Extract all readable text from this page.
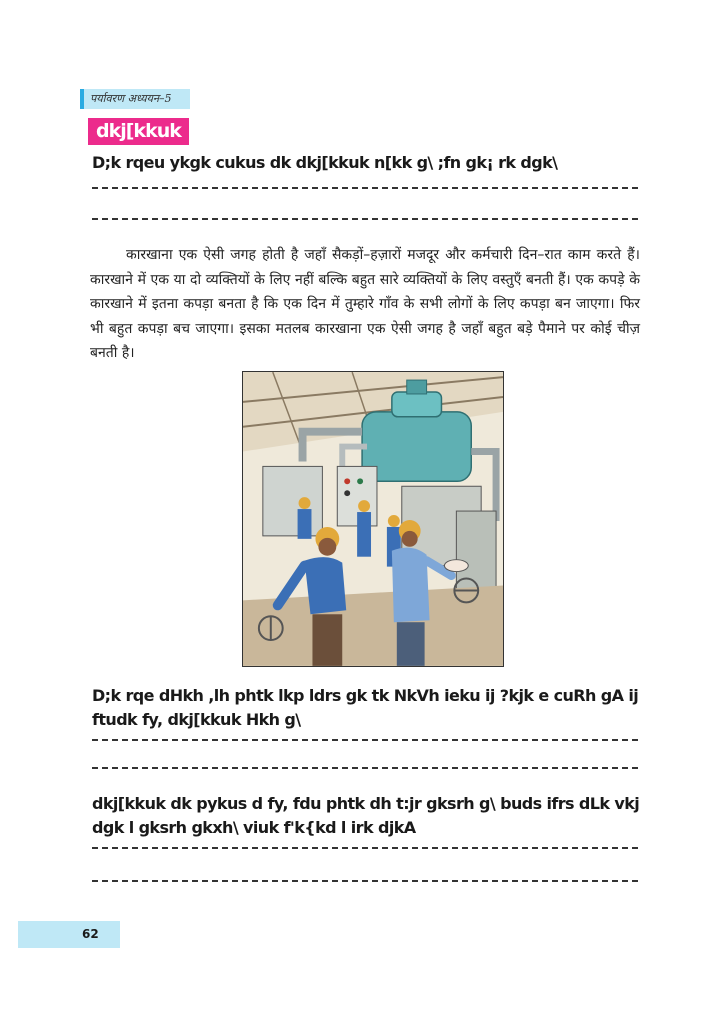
पर्यावरण अध्ययन–5
dkj[kkuk
D;k rqeu ykgk cukus dk dkj[kkuk n[kk g\ ;fn gk¡ rk dgk\
कारखाना एक ऐसी जगह होती है जहाँ सैकड़ों–हज़ारों मजदूर और कर्मचारी दिन–रात काम करते हैं। कारखाने में एक या दो व्यक्तियों के लिए नहीं बल्कि बहुत सारे व्यक्तियों के लिए वस्तुएँ बनती हैं। एक कपड़े के कारखाने में इतना कपड़ा बनता है कि एक दिन में तुम्हारे गाँव के सभी लोगों के लिए कपड़ा बन जाएगा। फिर भी बहुत कपड़ा बच जाएगा। इसका मतलब कारखाना एक ऐसी जगह है जहाँ बहुत बड़े पैमाने पर कोई चीज़ बनती है।
D;k rqe dHkh ,lh phtk lkp ldrs gk tk NkVh ieku ij ?kjk e cuRh gA ij ftudk fy, dkj[kkuk Hkh g\
dkj[kkuk dk pykus d fy, fdu phtk dh t:jr gksrh g\ buds ifrs dLk vkj dgk l gksrh gkxh\ viuk f'k{kd l irk djkA
62
